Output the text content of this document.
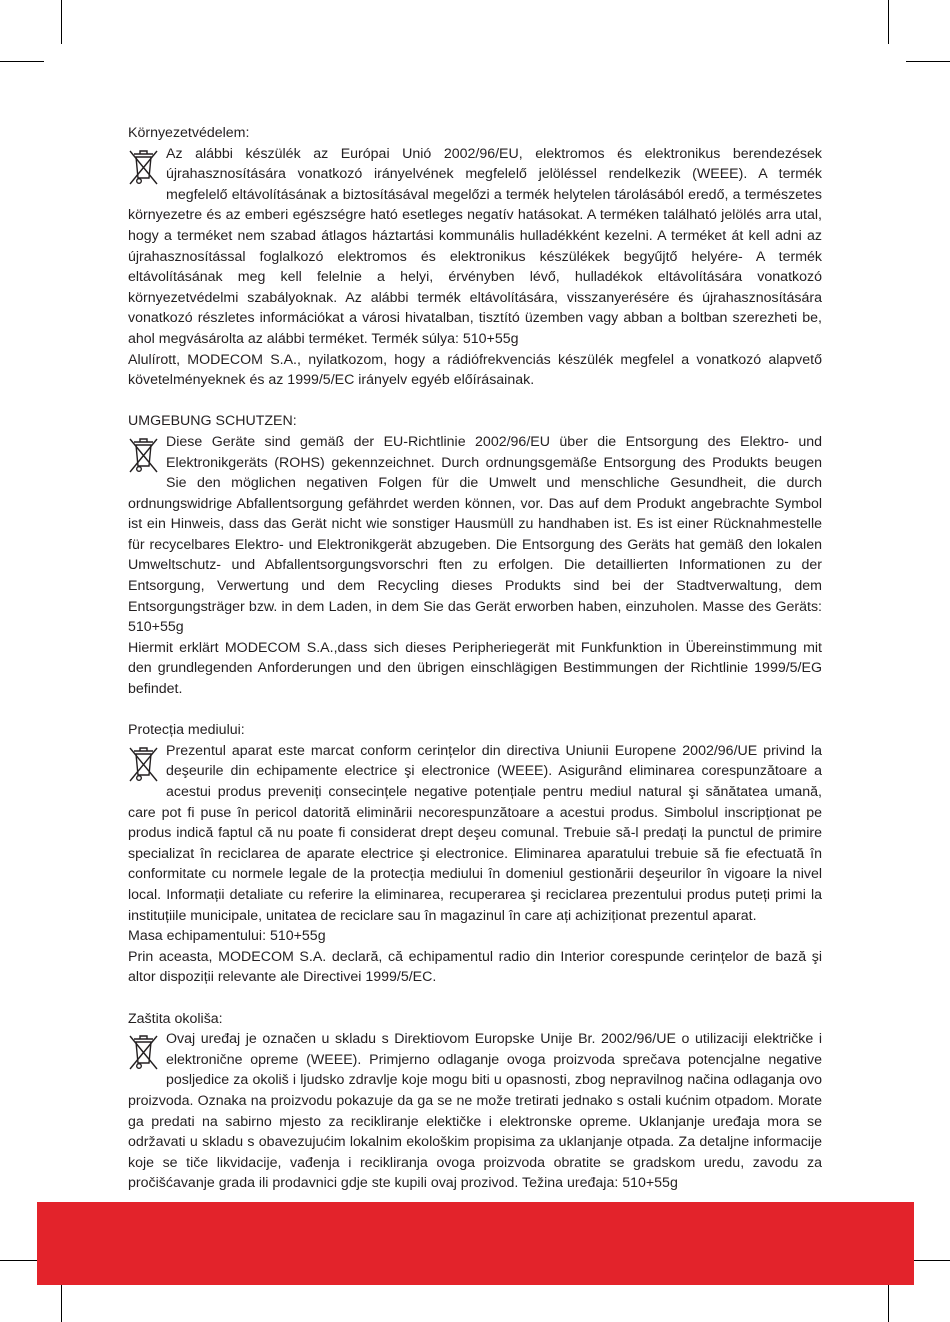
Környezetvédelem:

Az alábbi készülék az Európai Unió 2002/96/EU, elektromos és elektronikus berendezések újrahasznosítására vonatkozó irányelvének megfelelő jelöléssel rendelkezik (WEEE). A termék megfelelő eltávolításának a biztosításával megelőzi a termék helytelen tárolásából eredő, a természetes környezetre és az emberi egészségre ható esetleges negatív hatásokat. A terméken található jelölés arra utal, hogy a terméket nem szabad átlagos háztartási kommunális hulladékként kezelni. A terméket át kell adni az újrahasznosítással foglalkozó elektromos és elektronikus készülékek begyűjtő helyére- A termék eltávolításának meg kell felelnie a helyi, érvényben lévő, hulladékok eltávolítására vonatkozó környezetvédelmi szabályoknak. Az alábbi termék eltávolítására, visszanyerésére és újrahasznosítására vonatkozó részletes információkat a városi hivatalban, tisztító üzemben vagy abban a boltban szerezheti be, ahol megvásárolta az alábbi terméket. Termék súlya: 510+55g

Alulírott, MODECOM S.A., nyilatkozom, hogy a rádiófrekvenciás készülék megfelel a vonatkozó alapvető követelményeknek és az 1999/5/EC irányelv egyéb előírásainak.

UMGEBUNG SCHUTZEN:

Diese Geräte sind gemäß der EU-Richtlinie 2002/96/EU über die Entsorgung des Elektro- und Elektronikgeräts (ROHS) gekennzeichnet. Durch ordnungsgemäße Entsorgung des Produkts beugen Sie den möglichen negativen Folgen für die Umwelt und menschliche Gesundheit, die durch ordnungswidrige Abfallentsorgung gefährdet werden können, vor. Das auf dem Produkt angebrachte Symbol ist ein Hinweis, dass das Gerät nicht wie sonstiger Hausmüll zu handhaben ist. Es ist einer Rücknahmestelle für recycelbares Elektro- und Elektronikgerät abzugeben. Die Entsorgung des Geräts hat gemäß den lokalen Umweltschutz- und Abfallentsorgungsvorschri ften zu erfolgen. Die detaillierten Informationen zu der Entsorgung, Verwertung und dem Recycling dieses Produkts sind bei der Stadtverwaltung, dem Entsorgungsträger bzw. in dem Laden, in dem Sie das Gerät erworben haben, einzuholen. Masse des Geräts: 510+55g

Hiermit erklärt MODECOM S.A.,dass sich dieses Peripheriegerät mit Funkfunktion in Übereinstimmung mit den grundlegenden Anforderungen und den übrigen einschlägigen Bestimmungen der Richtlinie 1999/5/EG befindet.

Protecția mediului:

Prezentul aparat este marcat conform cerințelor din directiva Uniunii Europene 2002/96/UE privind la deşeurile din echipamente electrice şi electronice (WEEE). Asigurând eliminarea corespunzătoare a acestui produs preveniți consecințele negative potențiale pentru mediul natural şi sănătatea umană, care pot fi puse în pericol datorită eliminării necorespunzătoare a acestui produs. Simbolul inscripționat pe produs indică faptul că nu poate fi considerat drept deşeu comunal. Trebuie să-l predați la punctul de primire specializat în reciclarea de aparate electrice şi electronice. Eliminarea aparatului trebuie să fie efectuată în conformitate cu normele legale de la protecția mediului în domeniul gestionării deşeurilor în vigoare la nivel local. Informații detaliate cu referire la eliminarea, recuperarea şi reciclarea prezentului produs puteți primi la instituțiile municipale, unitatea de reciclare sau în magazinul în care ați achiziționat prezentul aparat.

Masa echipamentului: 510+55g

Prin aceasta, MODECOM S.A. declară, că echipamentul radio din Interior corespunde cerințelor de bază şi altor dispoziții relevante ale Directivei 1999/5/EC.

Zaštita okoliša:

Ovaj uređaj je označen u skladu s Direktiovom Europske Unije Br. 2002/96/UE o utilizaciji električke i elektronične opreme (WEEE). Primjerno odlaganje ovoga proizvoda sprečava potencjalne negative posljedice za okoliš i ljudsko zdravlje koje mogu biti u opasnosti, zbog nepravilnog načina odlaganja ovo proizvoda. Oznaka na proizvodu pokazuje da ga se ne može tretirati jednako s ostali kućnim otpadom. Morate ga predati na sabirno mjesto za recikliranje elektičke i elektronske opreme. Uklanjanje uređaja mora se održavati u skladu s obavezujućim lokalnim ekološkim propisima za uklanjanje otpada. Za detaljne informacije koje se tiče likvidacije, vađenja i recikliranja ovoga proizvoda obratite se gradskom uredu, zavodu za pročišćavanje grada ili prodavnici gdje ste kupili ovaj prozivod. Težina uređaja: 510+55g
